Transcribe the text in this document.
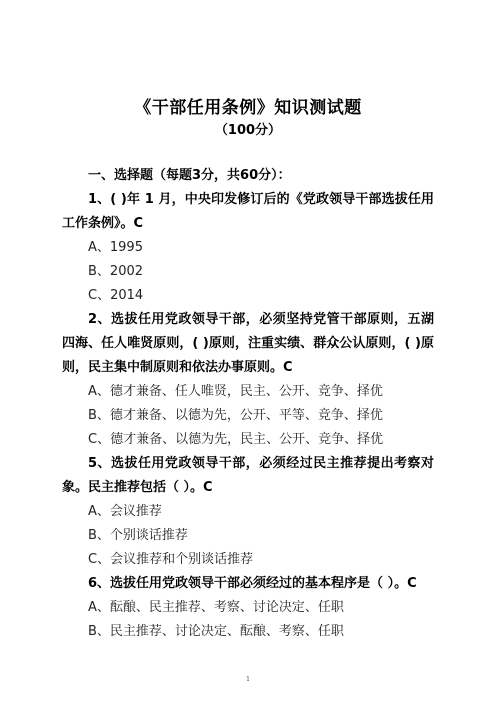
《干部任用条例》知识测试题
（100分）
一、选择题（每题3分，共60分）：

1、( )年 1 月，中央印发修订后的《党政领导干部选拔任用工作条例》。C

A、1995

B、2002

C、2014

2、选拔任用党政领导干部，必须坚持党管干部原则，五湖四海、任人唯贤原则，( )原则，注重实绩、群众公认原则，( )原则，民主集中制原则和依法办事原则。C

A、德才兼备、任人唯贤，民主、公开、竞争、择优

B、德才兼备、以德为先，公开、平等、竞争、择优

C、德才兼备、以德为先，民主、公开、竞争、择优

5、选拔任用党政领导干部，必须经过民主推荐提出考察对象。民主推荐包括（ ）。C

A、会议推荐

B、个别谈话推荐

C、会议推荐和个别谈话推荐

6、选拔任用党政领导干部必须经过的基本程序是（ ）。C

A、酝酿、民主推荐、考察、讨论决定、任职

B、民主推荐、讨论决定、酝酿、考察、任职

1
